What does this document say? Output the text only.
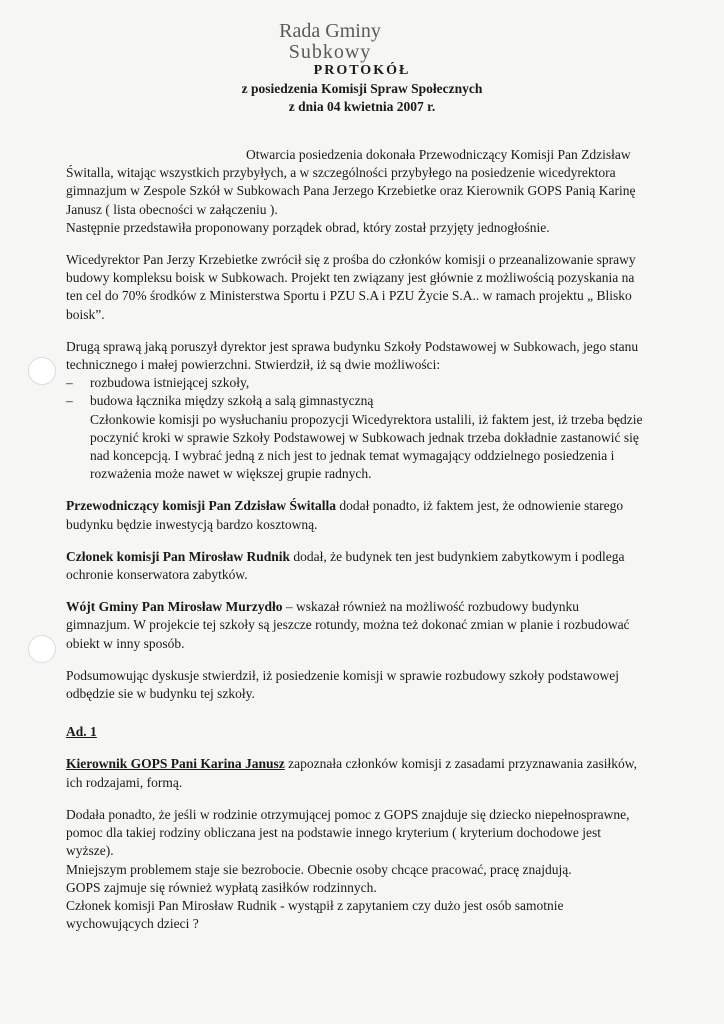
Rada Gminy
Subkowy
PROTOKÓŁ
z posiedzenia Komisji Spraw Społecznych
z dnia 04 kwietnia 2007 r.

Otwarcia posiedzenia dokonała Przewodniczący Komisji Pan Zdzisław Świtalla, witając wszystkich przybyłych, a w szczególności przybyłego na posiedzenie wicedyrektora gimnazjum w Zespole Szkół w Subkowach Pana Jerzego Krzebietke oraz Kierownik GOPS Panią Karinę Janusz ( lista obecności w załączeniu ).

Następnie przedstawiła proponowany porządek obrad, który został przyjęty jednogłośnie.

Wicedyrektor Pan Jerzy Krzebietke zwrócił się z prośba do członków komisji o przeanalizowanie sprawy budowy kompleksu boisk w Subkowach. Projekt ten związany jest głównie z możliwością pozyskania na ten cel do 70% środków z Ministerstwa Sportu i PZU S.A i PZU Życie S.A.. w ramach projektu „ Blisko boisk”.

Drugą sprawą jaką poruszył dyrektor jest sprawa budynku Szkoły Podstawowej w Subkowach, jego stanu technicznego i małej powierzchni. Stwierdził, iż są dwie możliwości:

– rozbudowa istniejącej szkoły,
– budowa łącznika między szkołą a salą gimnastyczną

Członkowie komisji po wysłuchaniu propozycji Wicedyrektora ustalili, iż faktem jest, iż trzeba będzie poczynić kroki w sprawie Szkoły Podstawowej w Subkowach jednak trzeba dokładnie zastanowić się nad koncepcją. I wybrać jedną z nich jest to jednak temat wymagający oddzielnego posiedzenia i rozważenia może nawet w większej grupie radnych.

Przewodniczący komisji Pan Zdzisław Świtalla dodał ponadto, iż faktem jest, że odnowienie starego budynku będzie inwestycją bardzo kosztowną.

Członek komisji Pan Mirosław Rudnik dodał, że budynek ten jest budynkiem zabytkowym i podlega ochronie konserwatora zabytków.

Wójt Gminy Pan Mirosław Murzydło – wskazał również na możliwość rozbudowy budynku gimnazjum. W projekcie tej szkoły są jeszcze rotundy, można też dokonać zmian w planie i rozbudować obiekt w inny sposób.

Podsumowując dyskusje stwierdził, iż posiedzenie komisji w sprawie rozbudowy szkoły podstawowej odbędzie sie w budynku tej szkoły.

Ad. 1

Kierownik GOPS Pani Karina Janusz zapoznała członków komisji z zasadami przyznawania zasiłków, ich rodzajami, formą.

Dodała ponadto, że jeśli w rodzinie otrzymującej pomoc z GOPS znajduje się dziecko niepełnosprawne, pomoc dla takiej rodziny obliczana jest na podstawie innego kryterium ( kryterium dochodowe jest wyższe).

Mniejszym problemem staje sie bezrobocie. Obecnie osoby chcące pracować, pracę znajdują.

GOPS zajmuje się również wypłatą zasiłków rodzinnych.

Członek komisji Pan Mirosław Rudnik - wystąpił z zapytaniem czy dużo jest osób samotnie wychowujących dzieci ?
